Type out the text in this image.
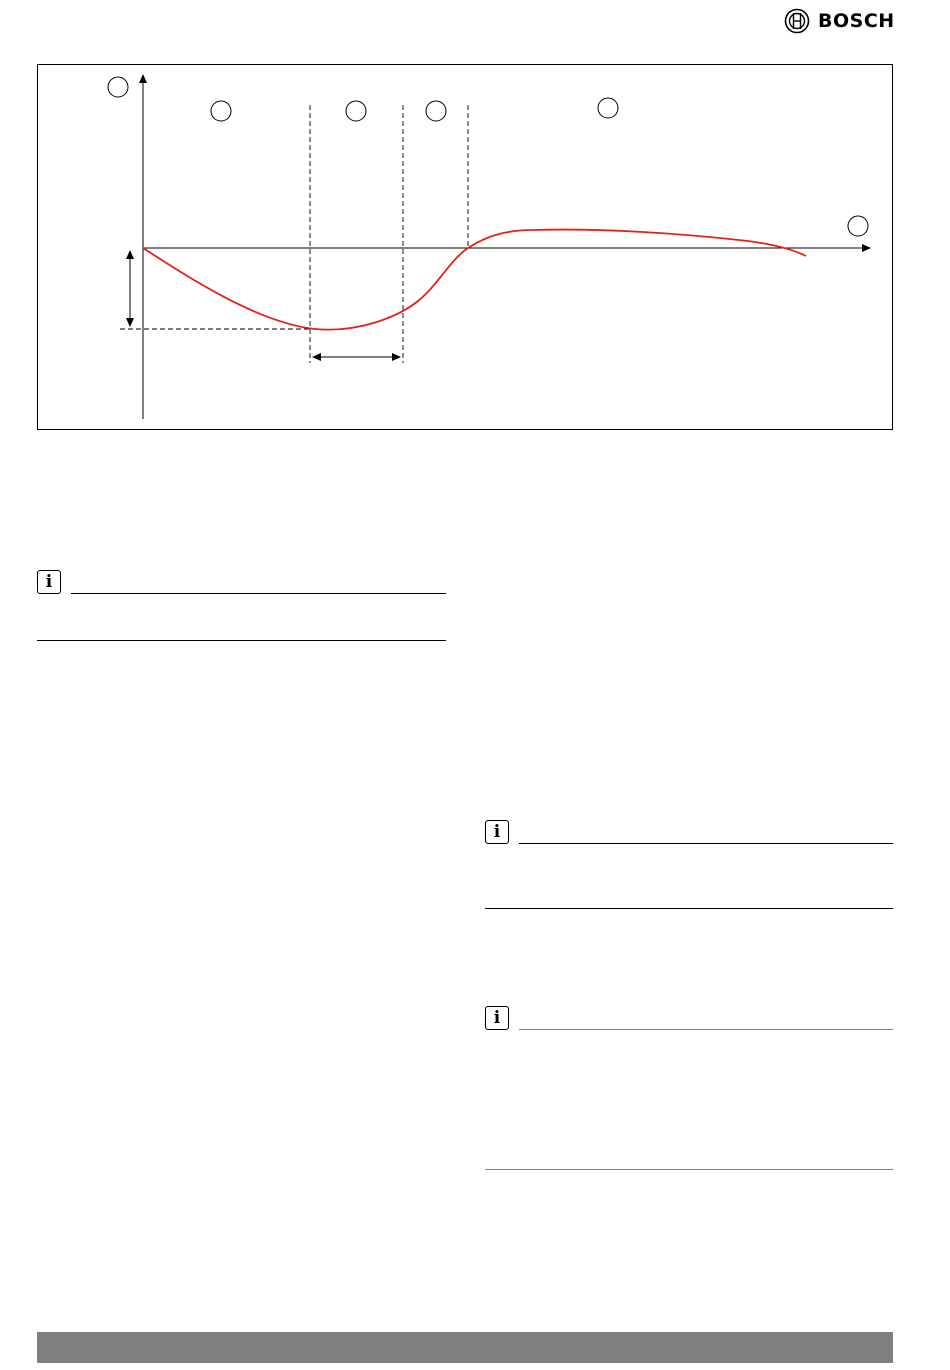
BOSCH
i
i
i
